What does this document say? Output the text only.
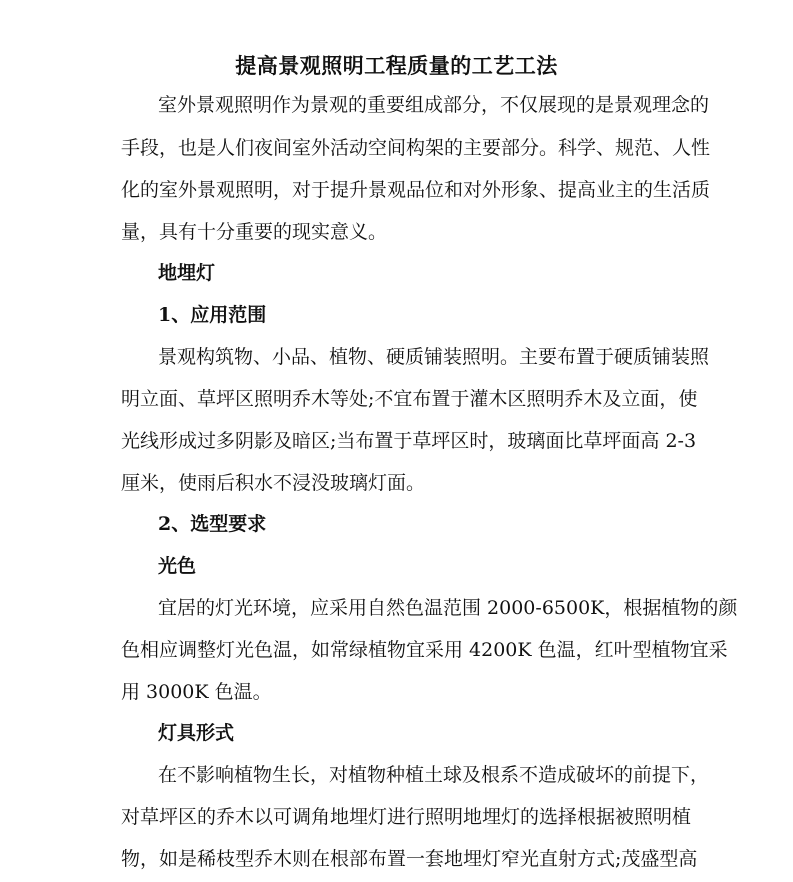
提高景观照明工程质量的工艺工法
室外景观照明作为景观的重要组成部分，不仅展现的是景观理念的
手段，也是人们夜间室外活动空间构架的主要部分。科学、规范、人性
化的室外景观照明，对于提升景观品位和对外形象、提高业主的生活质
量，具有十分重要的现实意义。
地埋灯
1、应用范围
景观构筑物、小品、植物、硬质铺装照明。主要布置于硬质铺装照
明立面、草坪区照明乔木等处;不宜布置于灌木区照明乔木及立面，使
光线形成过多阴影及暗区;当布置于草坪区时，玻璃面比草坪面高 2-3
厘米，使雨后积水不浸没玻璃灯面。
2、选型要求
光色
宜居的灯光环境，应采用自然色温范围 2000-6500K，根据植物的颜
色相应调整灯光色温，如常绿植物宜采用 4200K 色温，红叶型植物宜采
用 3000K 色温。
灯具形式
在不影响植物生长，对植物种植土球及根系不造成破坏的前提下，
对草坪区的乔木以可调角地埋灯进行照明地埋灯的选择根据被照明植
物，如是稀枝型乔木则在根部布置一套地埋灯窄光直射方式;茂盛型高
